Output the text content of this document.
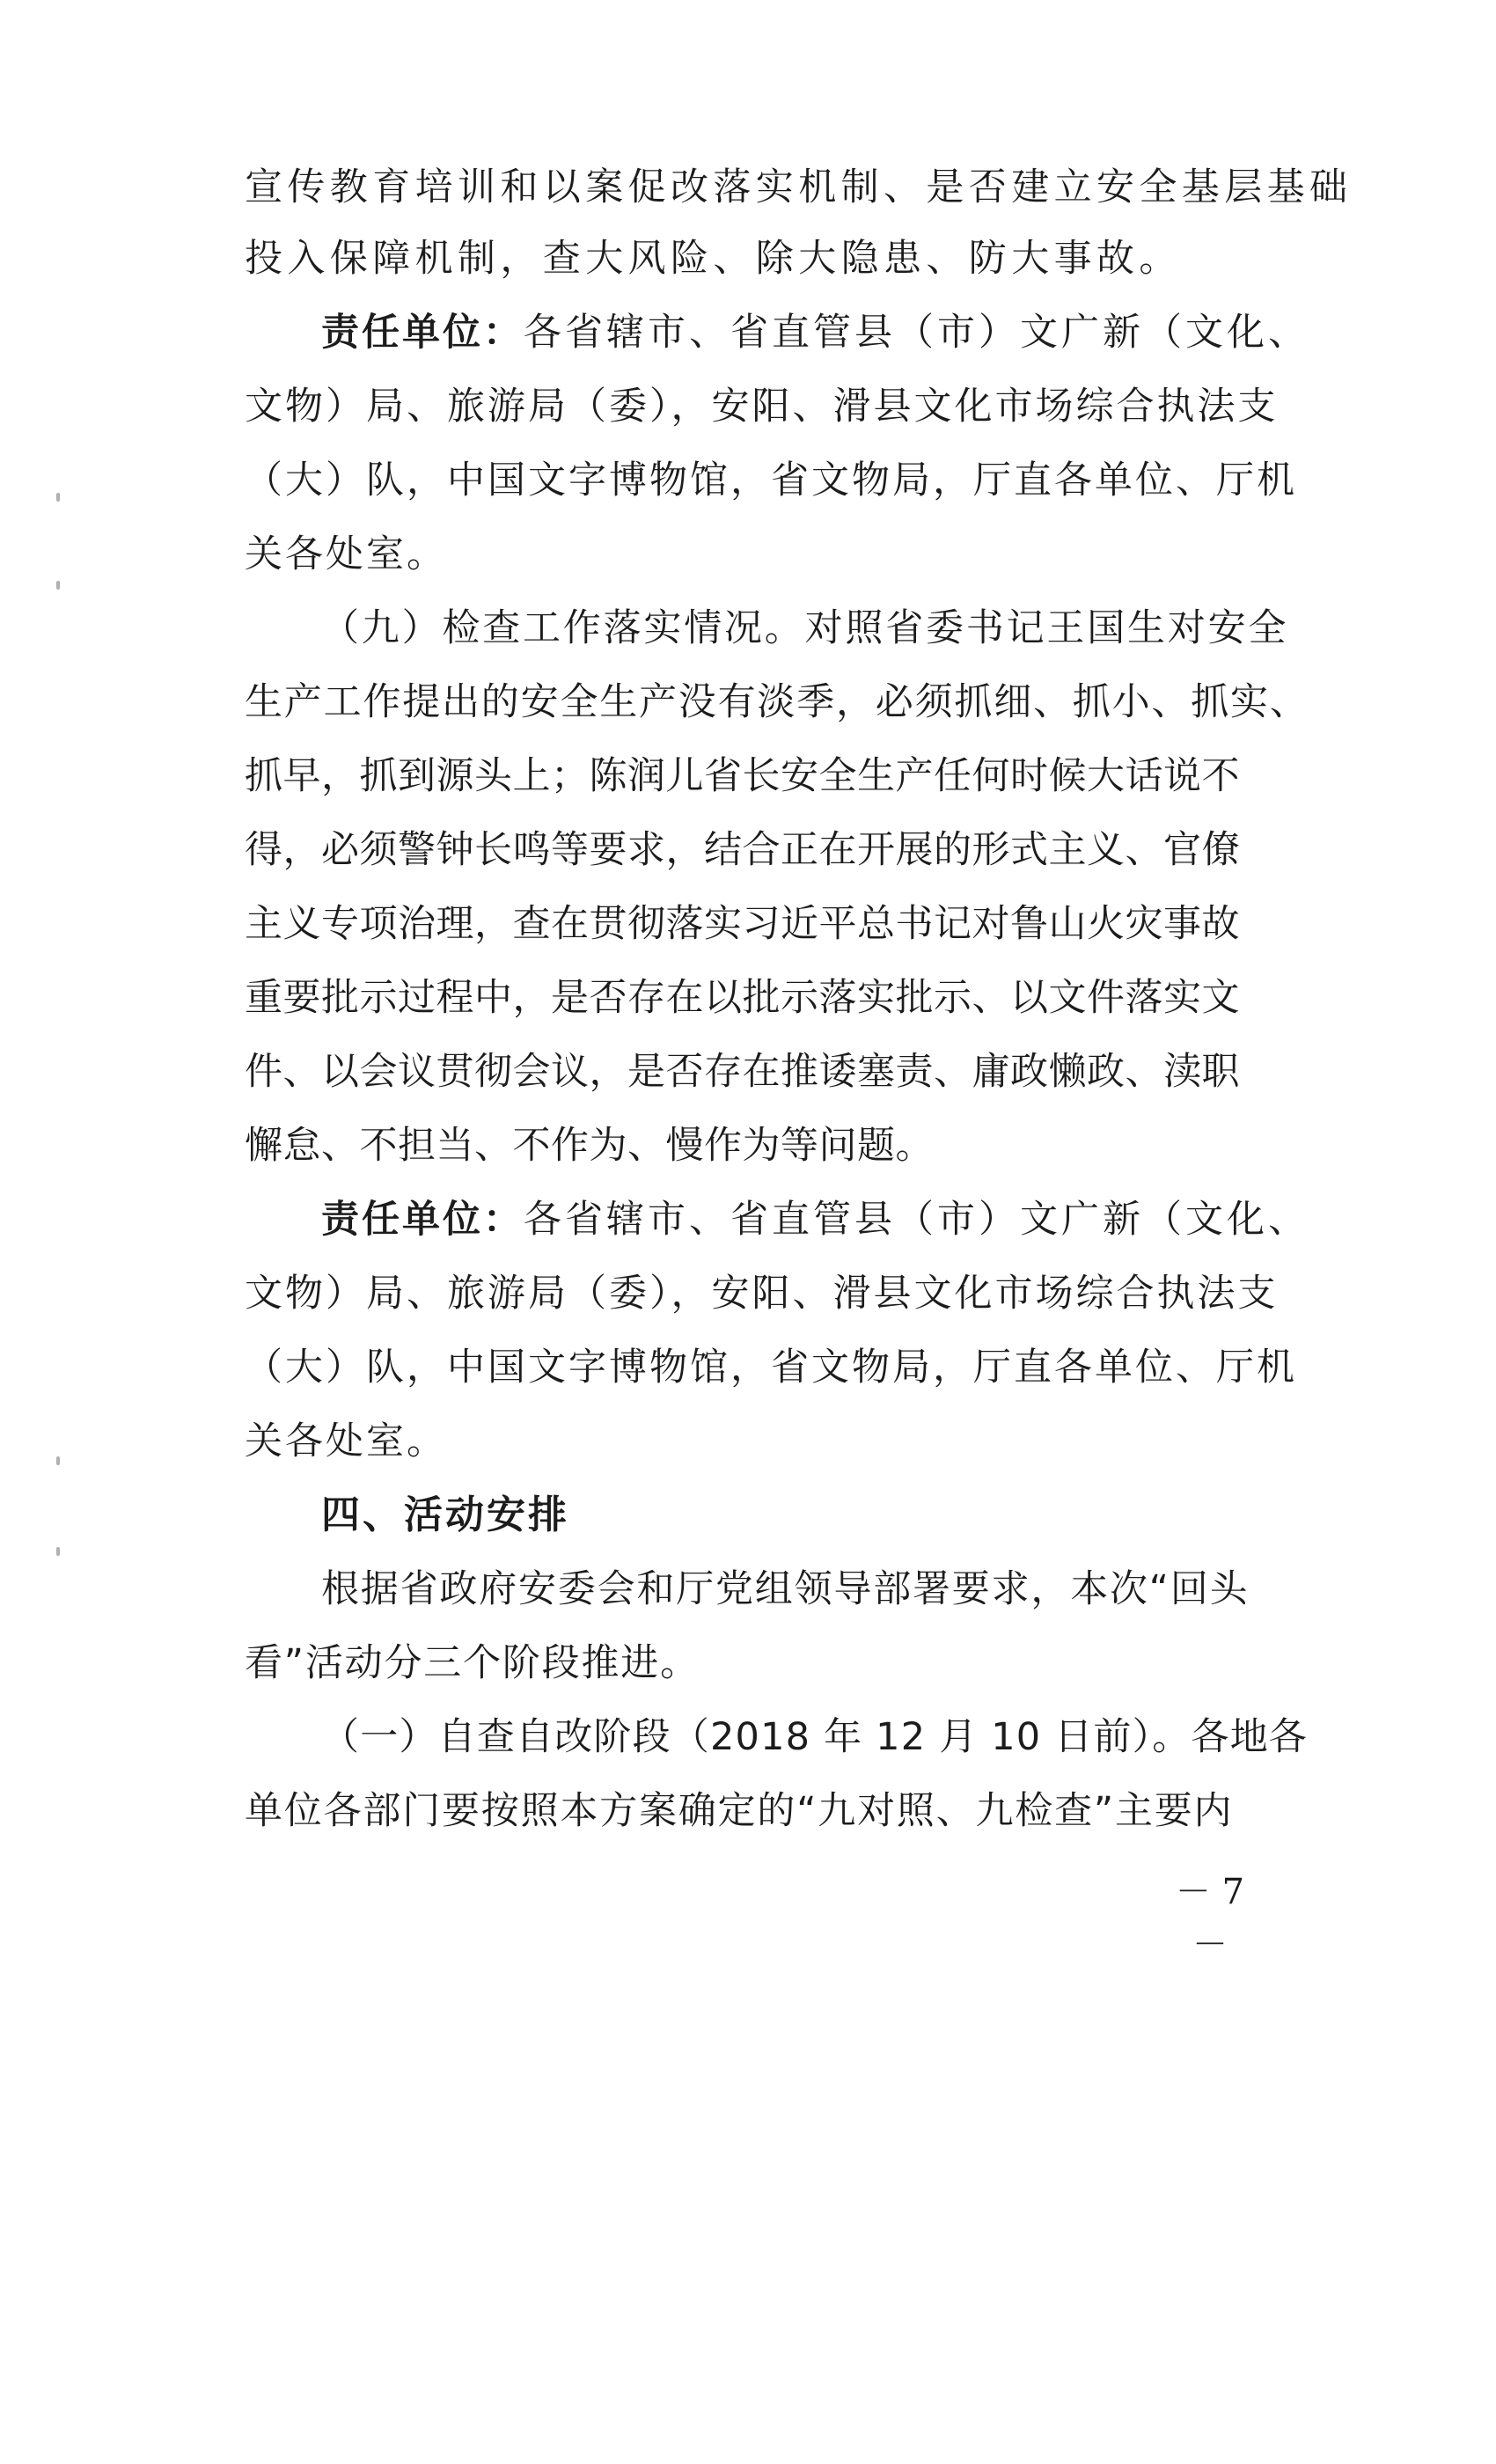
宣传教育培训和以案促改落实机制、是否建立安全基层基础
投入保障机制，查大风险、除大隐患、防大事故。
责任单位：各省辖市、省直管县（市）文广新（文化、
文物）局、旅游局（委），安阳、滑县文化市场综合执法支
（大）队，中国文字博物馆，省文物局，厅直各单位、厅机
关各处室。
（九）检查工作落实情况。对照省委书记王国生对安全
生产工作提出的安全生产没有淡季，必须抓细、抓小、抓实、
抓早，抓到源头上；陈润儿省长安全生产任何时候大话说不
得，必须警钟长鸣等要求，结合正在开展的形式主义、官僚
主义专项治理，查在贯彻落实习近平总书记对鲁山火灾事故
重要批示过程中，是否存在以批示落实批示、以文件落实文
件、以会议贯彻会议，是否存在推诿塞责、庸政懒政、渎职
懈怠、不担当、不作为、慢作为等问题。
责任单位：各省辖市、省直管县（市）文广新（文化、
文物）局、旅游局（委），安阳、滑县文化市场综合执法支
（大）队，中国文字博物馆，省文物局，厅直各单位、厅机
关各处室。
四、活动安排
根据省政府安委会和厅党组领导部署要求，本次“回头
看”活动分三个阶段推进。
（一）自查自改阶段（2018 年 12 月 10 日前）。各地各
单位各部门要按照本方案确定的“九对照、九检查”主要内
－ 7 －
